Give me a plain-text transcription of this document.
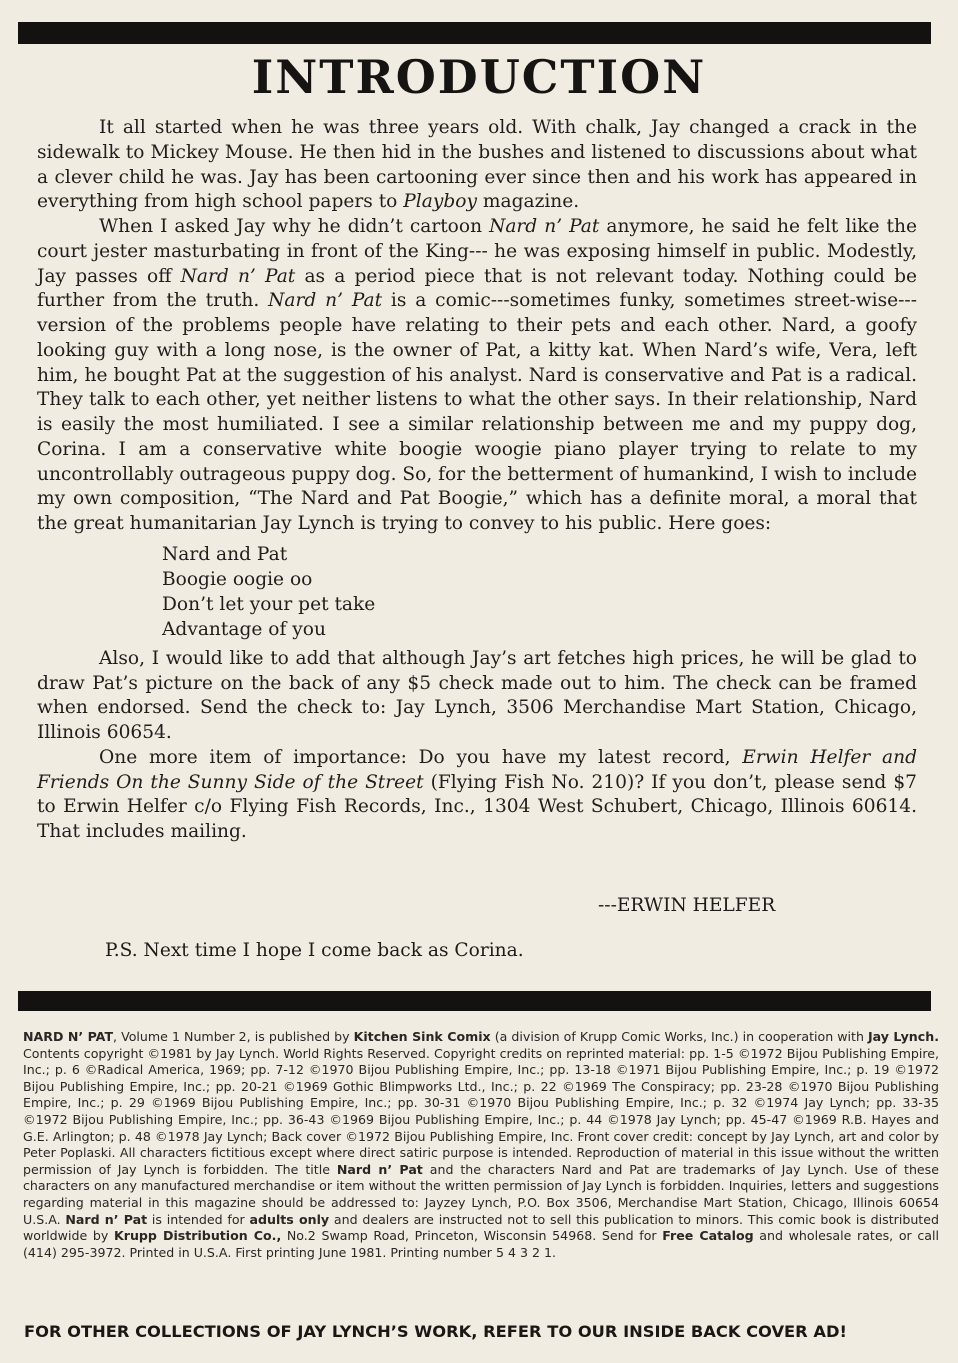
INTRODUCTION

It all started when he was three years old. With chalk, Jay changed a crack in the sidewalk to Mickey Mouse. He then hid in the bushes and listened to discussions about what a clever child he was. Jay has been cartooning ever since then and his work has appeared in everything from high school papers to Playboy magazine.

When I asked Jay why he didn’t cartoon Nard n’ Pat anymore, he said he felt like the court jester masturbating in front of the King--- he was exposing himself in public. Modestly, Jay passes off Nard n’ Pat as a period piece that is not relevant today. Nothing could be further from the truth. Nard n’ Pat is a comic---sometimes funky, sometimes street-wise---version of the problems people have relating to their pets and each other. Nard, a goofy looking guy with a long nose, is the owner of Pat, a kitty kat. When Nard’s wife, Vera, left him, he bought Pat at the suggestion of his analyst. Nard is conservative and Pat is a radical. They talk to each other, yet neither listens to what the other says. In their relationship, Nard is easily the most humiliated. I see a similar relationship between me and my puppy dog, Corina. I am a conservative white boogie woogie piano player trying to relate to my uncontrollably outrageous puppy dog. So, for the betterment of humankind, I wish to include my own composition, “The Nard and Pat Boogie,” which has a definite moral, a moral that the great humanitarian Jay Lynch is trying to convey to his public. Here goes:

Nard and Pat
Boogie oogie oo
Don’t let your pet take
Advantage of you

Also, I would like to add that although Jay’s art fetches high prices, he will be glad to draw Pat’s picture on the back of any $5 check made out to him. The check can be framed when endorsed. Send the check to: Jay Lynch, 3506 Merchandise Mart Station, Chicago, Illinois 60654.

One more item of importance: Do you have my latest record, Erwin Helfer and Friends On the Sunny Side of the Street (Flying Fish No. 210)? If you don’t, please send $7 to Erwin Helfer c/o Flying Fish Records, Inc., 1304 West Schubert, Chicago, Illinois 60614. That includes mailing.

---ERWIN HELFER
P.S. Next time I hope I come back as Corina.
NARD N’ PAT, Volume 1 Number 2, is published by Kitchen Sink Comix (a division of Krupp Comic Works, Inc.) in cooperation with Jay Lynch. Contents copyright ©1981 by Jay Lynch. World Rights Reserved. Copyright credits on reprinted material: pp. 1-5 ©1972 Bijou Publishing Empire, Inc.; p. 6 ©Radical America, 1969; pp. 7-12 ©1970 Bijou Publishing Empire, Inc.; pp. 13-18 ©1971 Bijou Publishing Empire, Inc.; p. 19 ©1972 Bijou Publishing Empire, Inc.; pp. 20-21 ©1969 Gothic Blimpworks Ltd., Inc.; p. 22 ©1969 The Conspiracy; pp. 23-28 ©1970 Bijou Publishing Empire, Inc.; p. 29 ©1969 Bijou Publishing Empire, Inc.; pp. 30-31 ©1970 Bijou Publishing Empire, Inc.; p. 32 ©1974 Jay Lynch; pp. 33-35 ©1972 Bijou Publishing Empire, Inc.; pp. 36-43 ©1969 Bijou Publishing Empire, Inc.; p. 44 ©1978 Jay Lynch; pp. 45-47 ©1969 R.B. Hayes and G.E. Arlington; p. 48 ©1978 Jay Lynch; Back cover ©1972 Bijou Publishing Empire, Inc. Front cover credit: concept by Jay Lynch, art and color by Peter Poplaski. All characters fictitious except where direct satiric purpose is intended. Reproduction of material in this issue without the written permission of Jay Lynch is forbidden. The title Nard n’ Pat and the characters Nard and Pat are trademarks of Jay Lynch. Use of these characters on any manufactured merchandise or item without the written permission of Jay Lynch is forbidden. Inquiries, letters and suggestions regarding material in this magazine should be addressed to: Jayzey Lynch, P.O. Box 3506, Merchandise Mart Station, Chicago, Illinois 60654 U.S.A. Nard n’ Pat is intended for adults only and dealers are instructed not to sell this publication to minors. This comic book is distributed worldwide by Krupp Distribution Co., No.2 Swamp Road, Princeton, Wisconsin 54968. Send for Free Catalog and wholesale rates, or call (414) 295-3972. Printed in U.S.A. First printing June 1981. Printing number 5 4 3 2 1.
FOR OTHER COLLECTIONS OF JAY LYNCH’S WORK, REFER TO OUR INSIDE BACK COVER AD!
